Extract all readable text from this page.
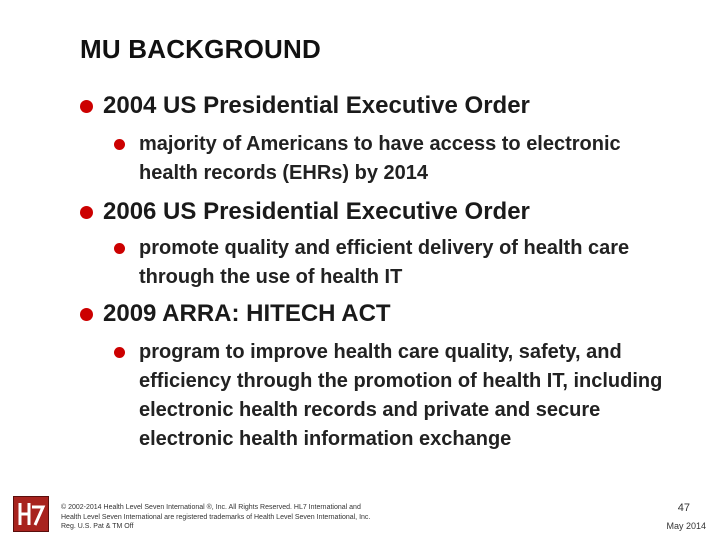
MU BACKGROUND
2004 US Presidential Executive Order
majority of Americans to have access to electronic health records (EHRs) by 2014
2006 US Presidential Executive Order
promote quality and efficient delivery of health care through the use of health IT
2009 ARRA: HITECH ACT
program to improve health care quality, safety, and efficiency through the promotion of health IT, including electronic health records and private and secure electronic health information exchange
© 2002-2014 Health Level Seven International ®, Inc. All Rights Reserved. HL7 International and Health Level Seven International are registered trademarks of Health Level Seven International, Inc. Reg. U.S. Pat & TM Off
47
May 2014
